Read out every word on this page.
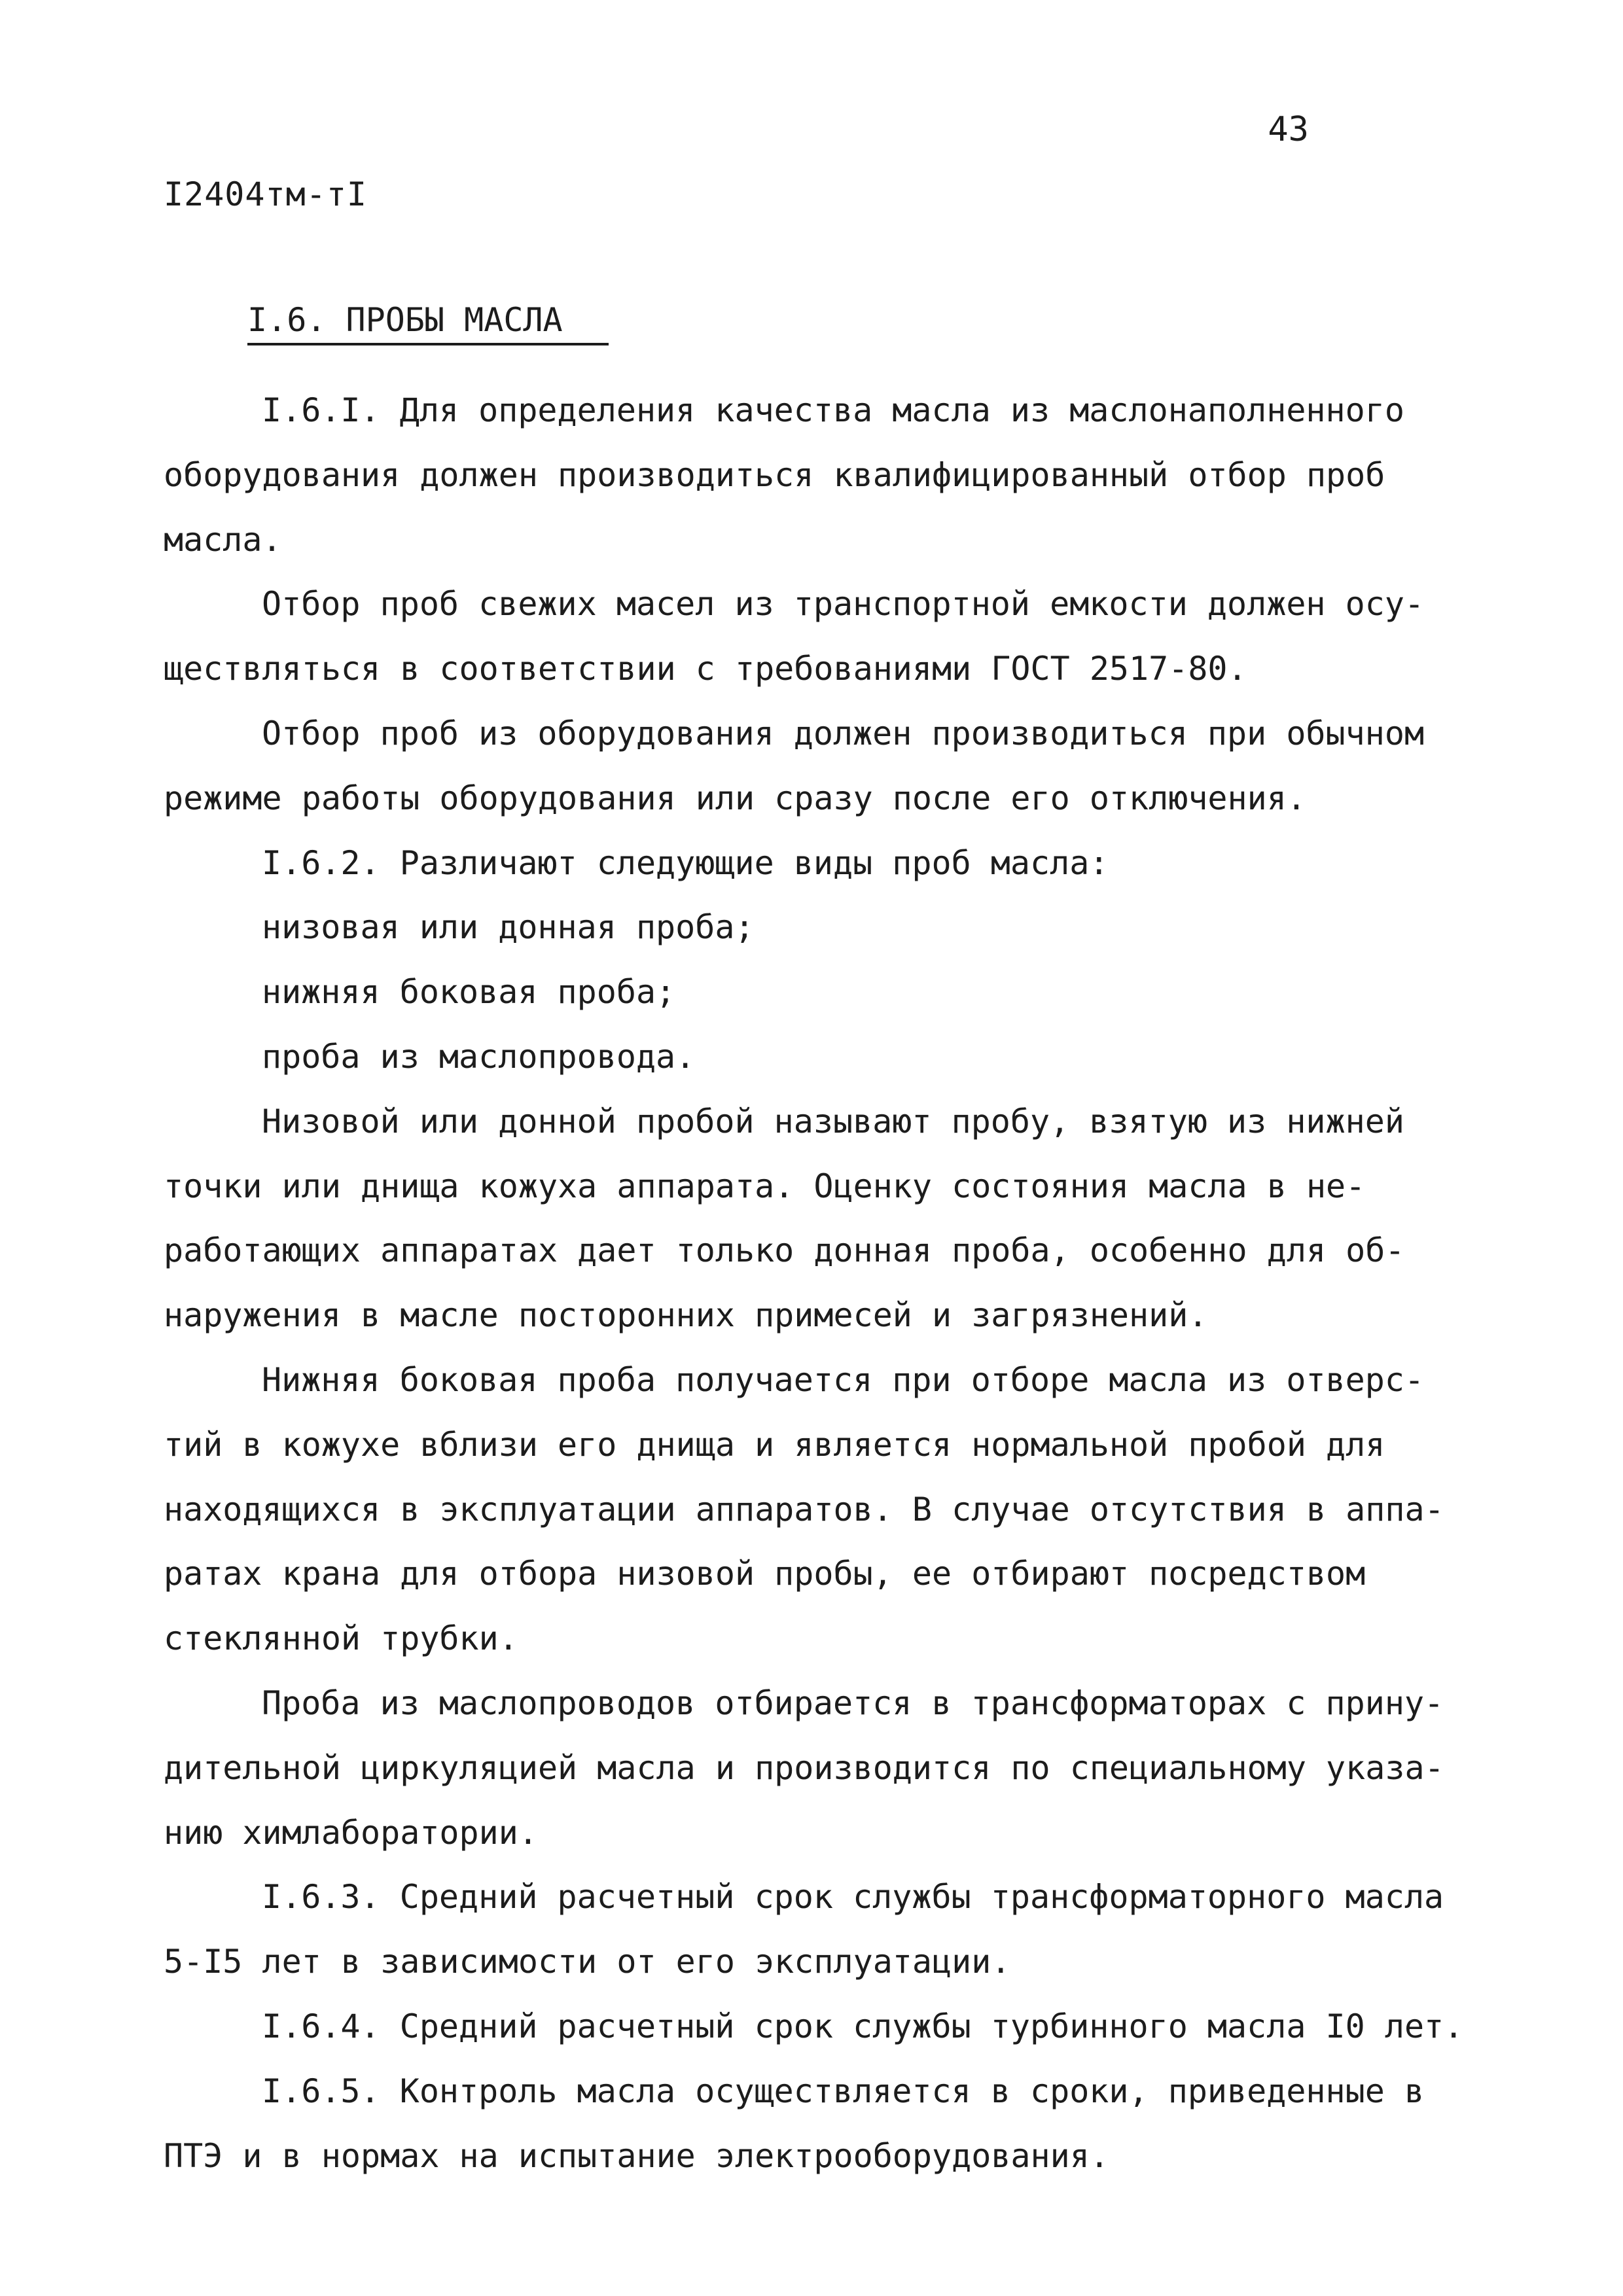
43
I2404тм-тI
I.6. ПРОБЫ МАСЛА
I.6.I. Для определения качества масла из маслонаполненного
оборудования должен производиться квалифицированный отбор проб
масла.
Отбор проб свежих масел из транспортной емкости должен осу-
ществляться в соответствии с требованиями ГОСТ 2517-80.
Отбор проб из оборудования должен производиться при обычном
режиме работы оборудования или сразу после его отключения.
I.6.2. Различают следующие виды проб масла:
низовая или донная проба;
нижняя боковая проба;
проба из маслопровода.
Низовой или донной пробой называют пробу, взятую из нижней
точки или днища кожуха аппарата. Оценку состояния масла в не-
работающих аппаратах дает только донная проба, особенно для об-
наружения в масле посторонних примесей и загрязнений.
Нижняя боковая проба получается при отборе масла из отверс-
тий в кожухе вблизи его днища и является нормальной пробой для
находящихся в эксплуатации аппаратов. В случае отсутствия в аппа-
ратах крана для отбора низовой пробы, ее отбирают посредством
стеклянной трубки.
Проба из маслопроводов отбирается в трансформаторах с прину-
дительной циркуляцией масла и производится по специальному указа-
нию химлаборатории.
I.6.3. Средний расчетный срок службы трансформаторного масла
5-I5 лет в зависимости от его эксплуатации.
I.6.4. Средний расчетный срок службы турбинного масла I0 лет.
I.6.5. Контроль масла осуществляется в сроки, приведенные в
ПТЭ и в нормах на испытание электрооборудования.
